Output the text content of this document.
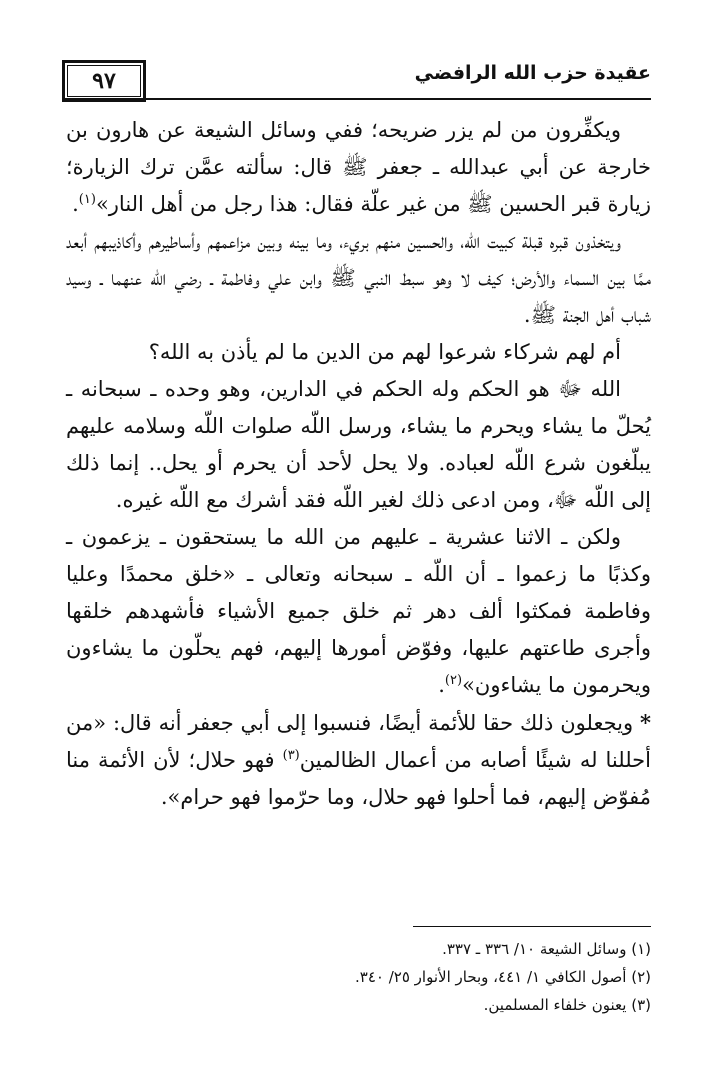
٩٧	عقيدة حزب الله الرافضي

ويكفِّرون من لم يزر ضريحه؛ ففي وسائل الشيعة عن هارون بن خارجة عن أبي عبدالله ـ جعفر ﷺ قال: سألته عمَّن ترك الزيارة؛ زيارة قبر الحسين ﷺ من غير علّة فقال: هذا رجل من أهل النار»$^{(١)}$.

ويتخذون قبره قبلة كبيت الله، والحسين منهم بريء، وما بينه وبين مزاعمهم وأساطيرهم وأكاذيبهم أبعد ممَّا بين السماء والأرض؛ كيف لا وهو سبط النبي ﷺ وابن علي وفاطمة ـ رضي الله عنهما ـ وسيد شباب أهل الجنة ﷺ.

أم لهم شركاء شرعوا لهم من الدين ما لم يأذن به الله؟

الله ﷻ هو الحكم وله الحكم في الدارين، وهو وحده ـ سبحانه ـ يُحلّ ما يشاء ويحرم ما يشاء، ورسل اللّه صلوات اللّه وسلامه عليهم يبلّغون شرع اللّه لعباده. ولا يحل لأحد أن يحرم أو يحل.. إنما ذلك إلى اللّه ﷻ، ومن ادعى ذلك لغير اللّه فقد أشرك مع اللّه غيره.

ولكن ـ الاثنا عشرية ـ عليهم من الله ما يستحقون ـ يزعمون ـ وكذبًا ما زعموا ـ أن اللّه ـ سبحانه وتعالى ـ «خلق محمدًا وعليا وفاطمة فمكثوا ألف دهر ثم خلق جميع الأشياء فأشهدهم خلقها وأجرى طاعتهم عليها، وفوّض أمورها إليهم، فهم يحلّون ما يشاءون ويحرمون ما يشاءون»$^{(٢)}$.

* ويجعلون ذلك حقا للأئمة أيضًا، فنسبوا إلى أبي جعفر أنه قال: «من أحللنا له شيئًا أصابه من أعمال الظالمين$^{(٣)}$ فهو حلال؛ لأن الأئمة منا مُفوّض إليهم، فما أحلوا فهو حلال، وما حرّموا فهو حرام».

(١) وسائل الشيعة ١٠/ ٣٣٦ ـ ٣٣٧.
(٢) أصول الكافي ١/ ٤٤١، وبحار الأنوار ٢٥/ ٣٤٠.
(٣) يعنون خلفاء المسلمين.
